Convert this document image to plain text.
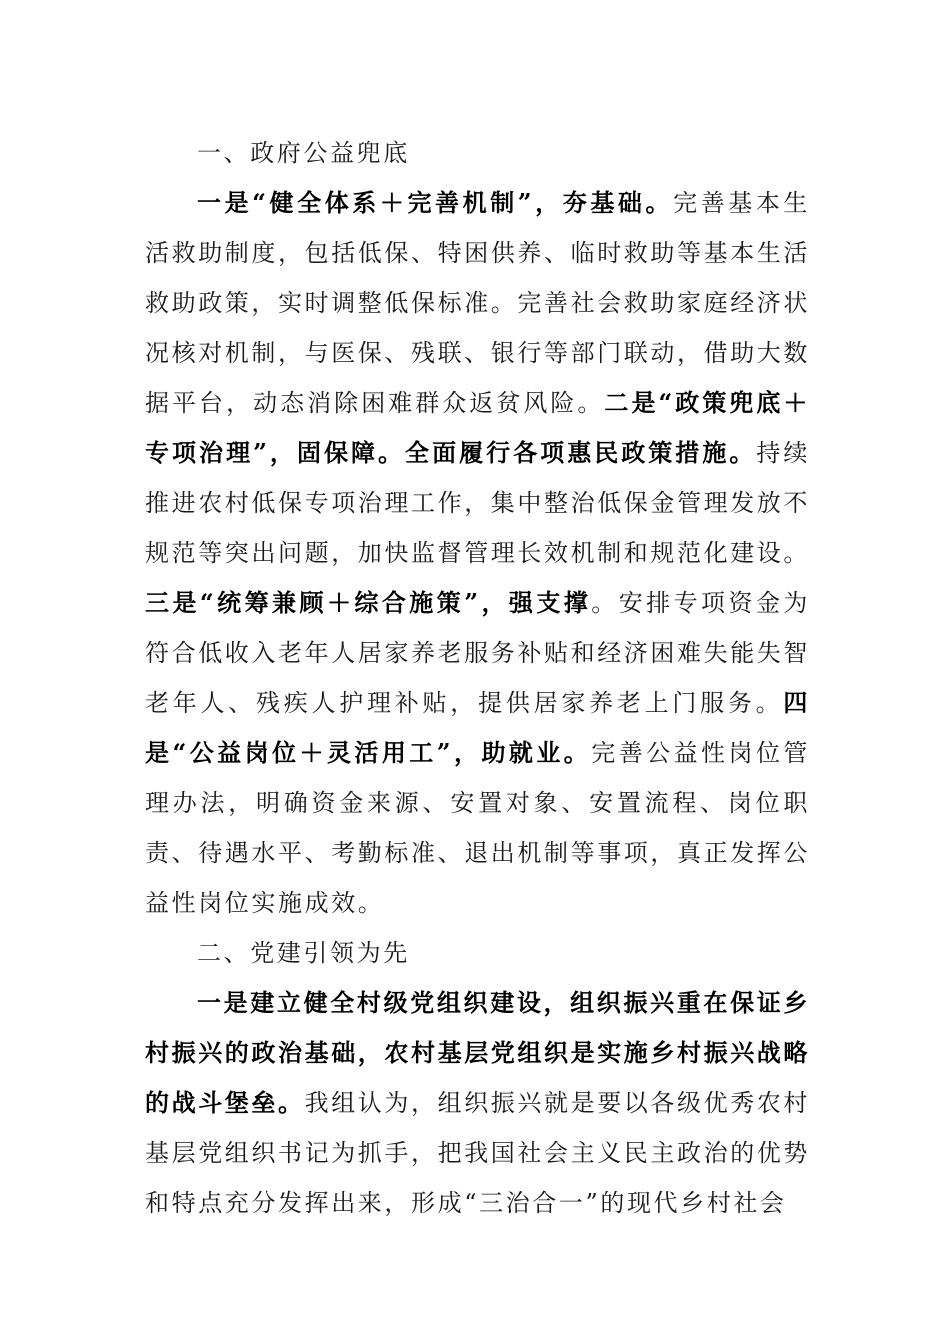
一、政府公益兜底

一是“健全体系＋完善机制”，夯基础。完善基本生活救助制度，包括低保、特困供养、临时救助等基本生活救助政策，实时调整低保标准。完善社会救助家庭经济状况核对机制，与医保、残联、银行等部门联动，借助大数据平台，动态消除困难群众返贫风险。二是“政策兜底＋专项治理”，固保障。全面履行各项惠民政策措施。持续推进农村低保专项治理工作，集中整治低保金管理发放不规范等突出问题，加快监督管理长效机制和规范化建设。三是“统筹兼顾＋综合施策”，强支撑。安排专项资金为符合低收入老年人居家养老服务补贴和经济困难失能失智老年人、残疾人护理补贴，提供居家养老上门服务。四是“公益岗位＋灵活用工”，助就业。完善公益性岗位管理办法，明确资金来源、安置对象、安置流程、岗位职责、待遇水平、考勤标准、退出机制等事项，真正发挥公益性岗位实施成效。

二、党建引领为先

一是建立健全村级党组织建设，组织振兴重在保证乡村振兴的政治基础，农村基层党组织是实施乡村振兴战略的战斗堡垒。我组认为，组织振兴就是要以各级优秀农村基层党组织书记为抓手，把我国社会主义民主政治的优势和特点充分发挥出来，形成“三治合一”的现代乡村社会
